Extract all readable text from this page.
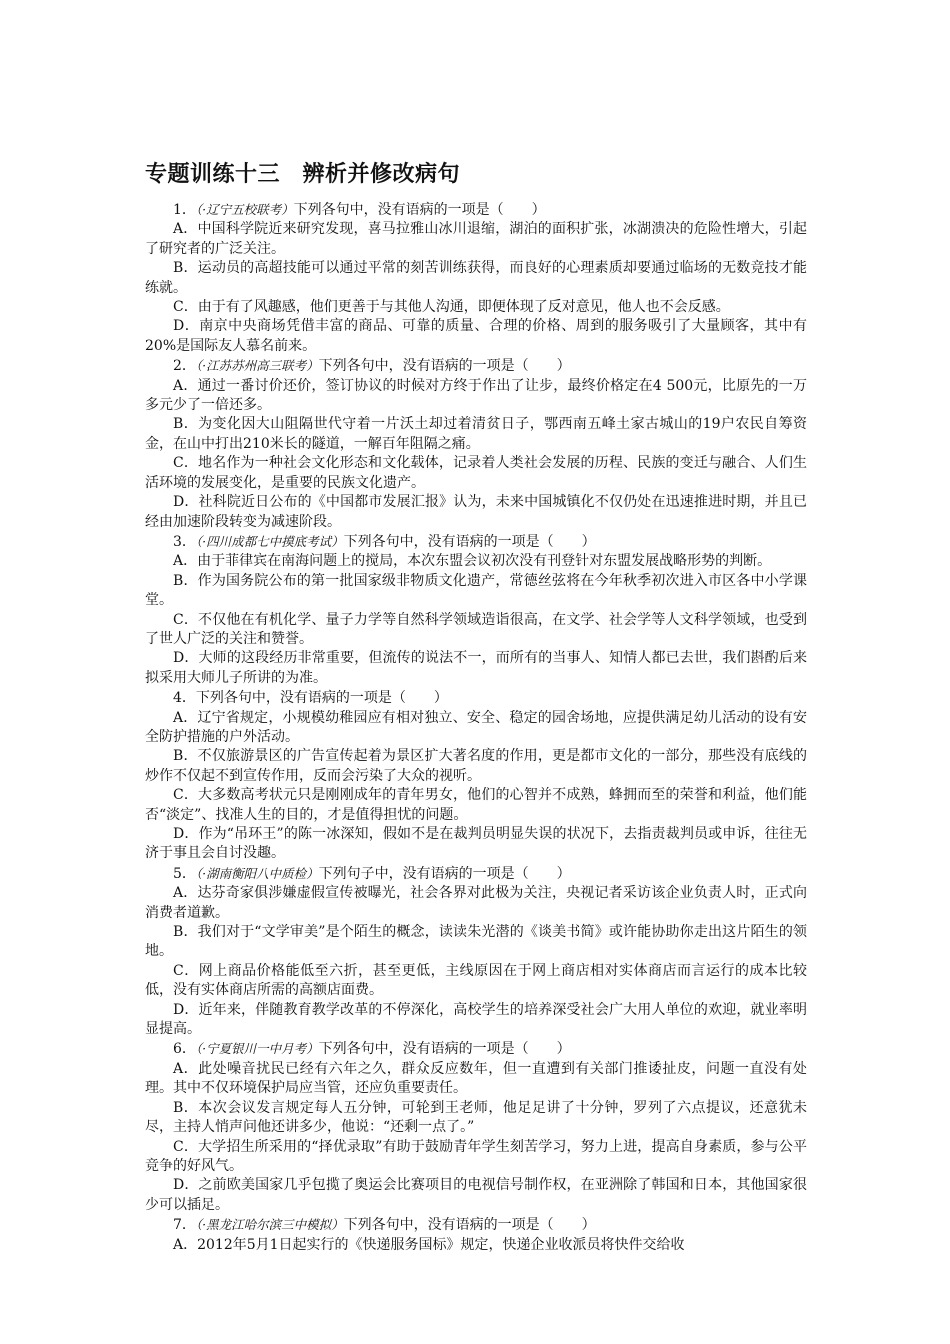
专题训练十三　辨析并修改病句

1．（·辽宁五校联考）下列各句中，没有语病的一项是（　　）

A．中国科学院近来研究发现，喜马拉雅山冰川退缩，湖泊的面积扩张，冰湖溃决的危险性增大，引起了研究者的广泛关注。

B．运动员的高超技能可以通过平常的刻苦训练获得，而良好的心理素质却要通过临场的无数竞技才能练就。

C．由于有了风趣感，他们更善于与其他人沟通，即便体现了反对意见，他人也不会反感。

D．南京中央商场凭借丰富的商品、可靠的质量、合理的价格、周到的服务吸引了大量顾客，其中有20%是国际友人慕名前来。

2．（·江苏苏州高三联考）下列各句中，没有语病的一项是（　　）

A．通过一番讨价还价，签订协议的时候对方终于作出了让步，最终价格定在4 500元，比原先的一万多元少了一倍还多。

B．为变化因大山阻隔世代守着一片沃土却过着清贫日子，鄂西南五峰土家古城山的19户农民自筹资金，在山中打出210米长的隧道，一解百年阻隔之痛。

C．地名作为一种社会文化形态和文化载体，记录着人类社会发展的历程、民族的变迁与融合、人们生活环境的发展变化，是重要的民族文化遗产。

D．社科院近日公布的《中国都市发展汇报》认为，未来中国城镇化不仅仍处在迅速推进时期，并且已经由加速阶段转变为减速阶段。

3．（·四川成都七中摸底考试）下列各句中，没有语病的一项是（　　）

A．由于菲律宾在南海问题上的搅局，本次东盟会议初次没有刊登针对东盟发展战略形势的判断。

B．作为国务院公布的第一批国家级非物质文化遗产，常德丝弦将在今年秋季初次进入市区各中小学课堂。

C．不仅他在有机化学、量子力学等自然科学领域造诣很高，在文学、社会学等人文科学领域，也受到了世人广泛的关注和赞誉。

D．大师的这段经历非常重要，但流传的说法不一，而所有的当事人、知情人都已去世，我们斟酌后来拟采用大师儿子所讲的为准。

4．下列各句中，没有语病的一项是（　　）

A．辽宁省规定，小规模幼稚园应有相对独立、安全、稳定的园舍场地，应提供满足幼儿活动的设有安全防护措施的户外活动。

B．不仅旅游景区的广告宣传起着为景区扩大著名度的作用，更是都市文化的一部分，那些没有底线的炒作不仅起不到宣传作用，反而会污染了大众的视听。

C．大多数高考状元只是刚刚成年的青年男女，他们的心智并不成熟，蜂拥而至的荣誉和利益，他们能否“淡定”、找准人生的目的，才是值得担忧的问题。

D．作为“吊环王”的陈一冰深知，假如不是在裁判员明显失误的状况下，去指责裁判员或申诉，往往无济于事且会自讨没趣。

5．（·湖南衡阳八中质检）下列句子中，没有语病的一项是（　　）

A．达芬奇家俱涉嫌虚假宣传被曝光，社会各界对此极为关注，央视记者采访该企业负责人时，正式向消费者道歉。

B．我们对于“文学审美”是个陌生的概念，读读朱光潜的《谈美书简》或许能协助你走出这片陌生的领地。

C．网上商品价格能低至六折，甚至更低，主线原因在于网上商店相对实体商店而言运行的成本比较低，没有实体商店所需的高额店面费。

D．近年来，伴随教育教学改革的不停深化，高校学生的培养深受社会广大用人单位的欢迎，就业率明显提高。

6．（·宁夏银川一中月考）下列各句中，没有语病的一项是（　　）

A．此处噪音扰民已经有六年之久，群众反应数年，但一直遭到有关部门推诿扯皮，问题一直没有处理。其中不仅环境保护局应当管，还应负重要责任。

B．本次会议发言规定每人五分钟，可轮到王老师，他足足讲了十分钟，罗列了六点提议，还意犹未尽，主持人悄声问他还讲多少，他说：“还剩一点了。”

C．大学招生所采用的“择优录取”有助于鼓励青年学生刻苦学习，努力上进，提高自身素质，参与公平竞争的好风气。

D．之前欧美国家几乎包揽了奥运会比赛项目的电视信号制作权，在亚洲除了韩国和日本，其他国家很少可以插足。

7．（·黑龙江哈尔滨三中模拟）下列各句中，没有语病的一项是（　　）

A．2012年5月1日起实行的《快递服务国标》规定，快递企业收派员将快件交给收
